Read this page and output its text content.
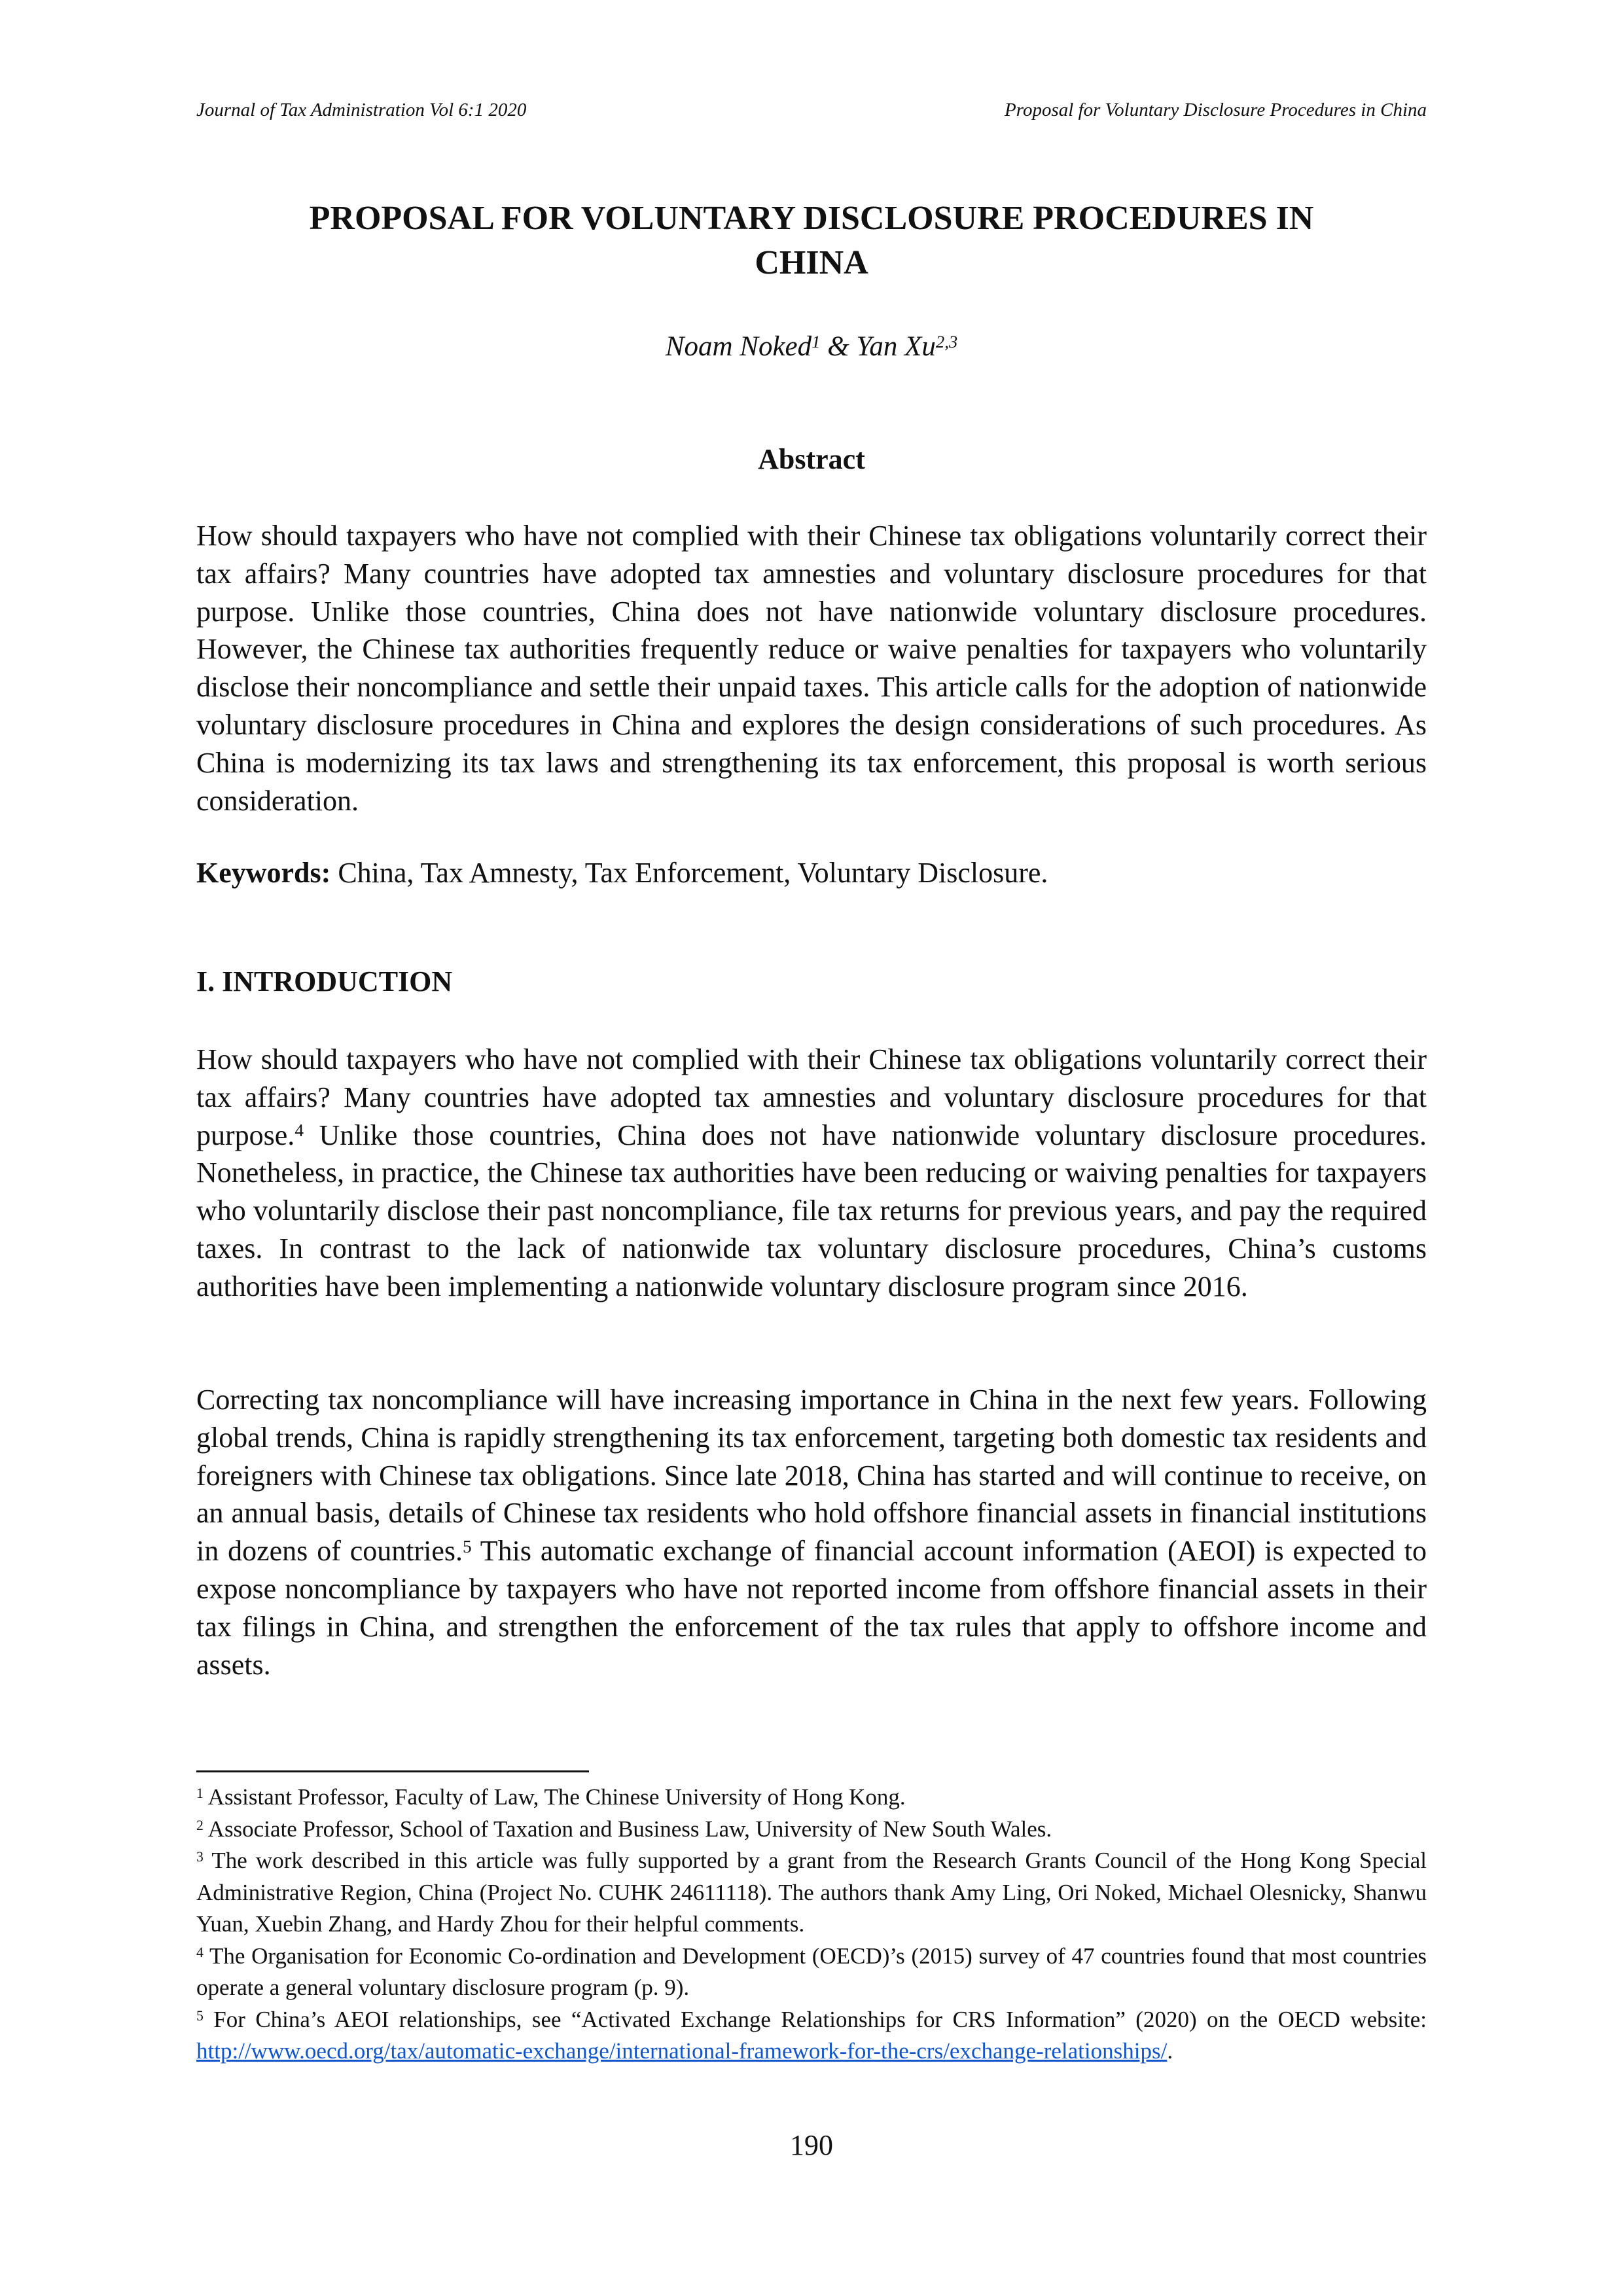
Journal of Tax Administration Vol 6:1 2020	Proposal for Voluntary Disclosure Procedures in China
PROPOSAL FOR VOLUNTARY DISCLOSURE PROCEDURES IN
CHINA
Noam Noked$^1$ & Yan Xu$^{2,3}$
Abstract

How should taxpayers who have not complied with their Chinese tax obligations voluntarily correct their tax affairs? Many countries have adopted tax amnesties and voluntary disclosure procedures for that purpose. Unlike those countries, China does not have nationwide voluntary disclosure procedures. However, the Chinese tax authorities frequently reduce or waive penalties for taxpayers who voluntarily disclose their noncompliance and settle their unpaid taxes. This article calls for the adoption of nationwide voluntary disclosure procedures in China and explores the design considerations of such procedures. As China is modernizing its tax laws and strengthening its tax enforcement, this proposal is worth serious consideration.

Keywords: China, Tax Amnesty, Tax Enforcement, Voluntary Disclosure.

I. INTRODUCTION

How should taxpayers who have not complied with their Chinese tax obligations voluntarily correct their tax affairs? Many countries have adopted tax amnesties and voluntary disclosure procedures for that purpose.$^4$ Unlike those countries, China does not have nationwide voluntary disclosure procedures. Nonetheless, in practice, the Chinese tax authorities have been reducing or waiving penalties for taxpayers who voluntarily disclose their past noncompliance, file tax returns for previous years, and pay the required taxes. In contrast to the lack of nationwide tax voluntary disclosure procedures, China’s customs authorities have been implementing a nationwide voluntary disclosure program since 2016.

Correcting tax noncompliance will have increasing importance in China in the next few years. Following global trends, China is rapidly strengthening its tax enforcement, targeting both domestic tax residents and foreigners with Chinese tax obligations. Since late 2018, China has started and will continue to receive, on an annual basis, details of Chinese tax residents who hold offshore financial assets in financial institutions in dozens of countries.$^5$ This automatic exchange of financial account information (AEOI) is expected to expose noncompliance by taxpayers who have not reported income from offshore financial assets in their tax filings in China, and strengthen the enforcement of the tax rules that apply to offshore income and assets.

$^1$ Assistant Professor, Faculty of Law, The Chinese University of Hong Kong.

$^2$ Associate Professor, School of Taxation and Business Law, University of New South Wales.

$^3$ The work described in this article was fully supported by a grant from the Research Grants Council of the Hong Kong Special Administrative Region, China (Project No. CUHK 24611118). The authors thank Amy Ling, Ori Noked, Michael Olesnicky, Shanwu Yuan, Xuebin Zhang, and Hardy Zhou for their helpful comments.

$^4$ The Organisation for Economic Co-ordination and Development (OECD)’s (2015) survey of 47 countries found that most countries operate a general voluntary disclosure program (p. 9).

$^5$ For China’s AEOI relationships, see “Activated Exchange Relationships for CRS Information” (2020) on the OECD website: http://www.oecd.org/tax/automatic-exchange/international-framework-for-the-crs/exchange-relationships/.

190
